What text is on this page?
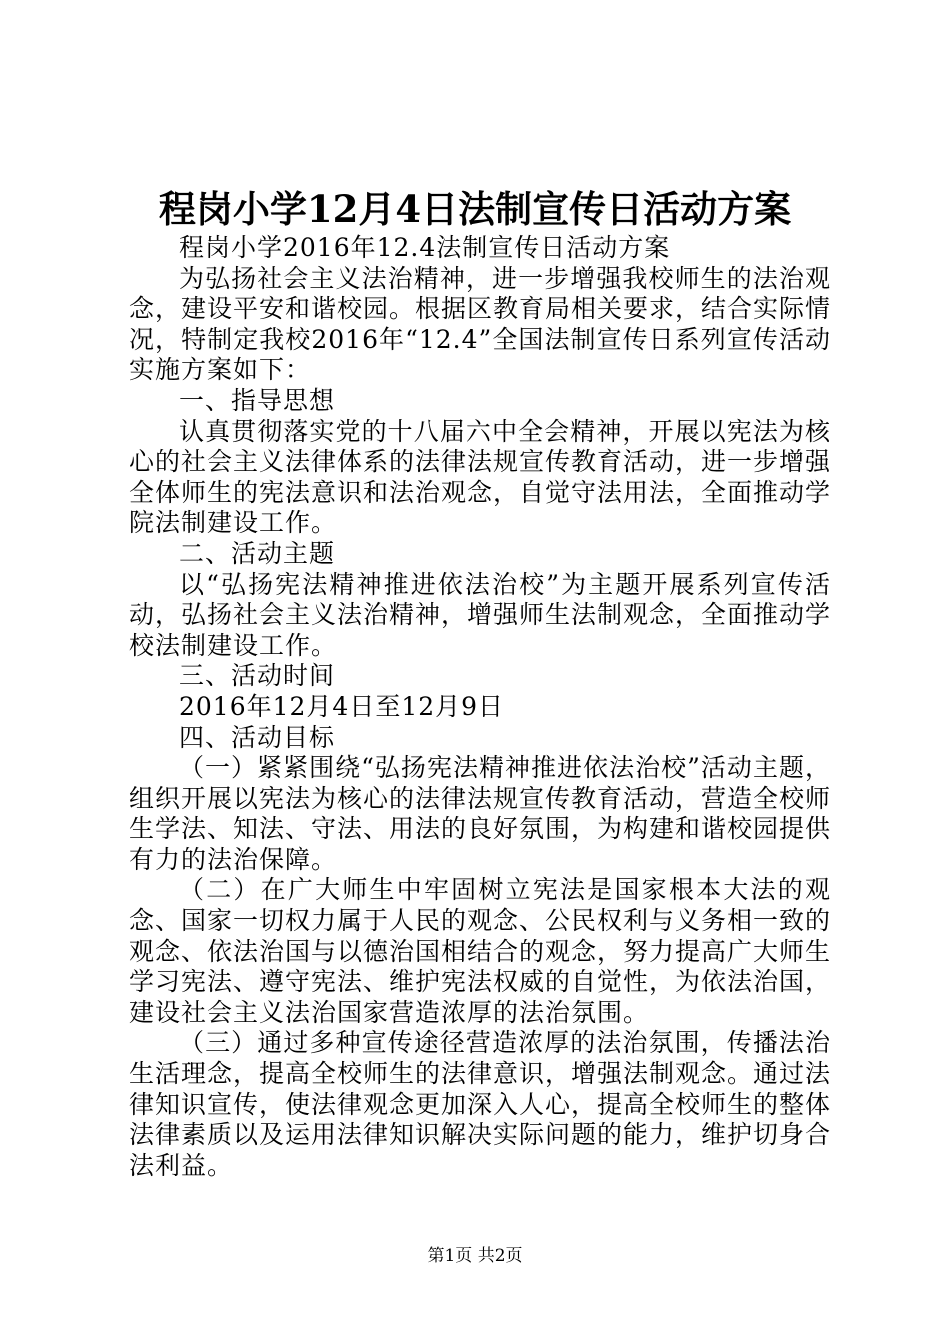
程岗小学12月4日法制宣传日活动方案

程岗小学2016年12.4法制宣传日活动方案

为弘扬社会主义法治精神，进一步增强我校师生的法治观念，建设平安和谐校园。根据区教育局相关要求，结合实际情况，特制定我校2016年“12.4”全国法制宣传日系列宣传活动实施方案如下：

一、指导思想

认真贯彻落实党的十八届六中全会精神，开展以宪法为核心的社会主义法律体系的法律法规宣传教育活动，进一步增强全体师生的宪法意识和法治观念，自觉守法用法，全面推动学院法制建设工作。

二、活动主题

以“弘扬宪法精神推进依法治校”为主题开展系列宣传活动，弘扬社会主义法治精神，增强师生法制观念，全面推动学校法制建设工作。

三、活动时间

2016年12月4日至12月9日

四、活动目标

（一）紧紧围绕“弘扬宪法精神推进依法治校”活动主题，组织开展以宪法为核心的法律法规宣传教育活动，营造全校师生学法、知法、守法、用法的良好氛围，为构建和谐校园提供有力的法治保障。

（二）在广大师生中牢固树立宪法是国家根本大法的观念、国家一切权力属于人民的观念、公民权利与义务相一致的观念、依法治国与以德治国相结合的观念，努力提高广大师生学习宪法、遵守宪法、维护宪法权威的自觉性，为依法治国，建设社会主义法治国家营造浓厚的法治氛围。

（三）通过多种宣传途径营造浓厚的法治氛围，传播法治生活理念，提高全校师生的法律意识，增强法制观念。通过法律知识宣传，使法律观念更加深入人心，提高全校师生的整体法律素质以及运用法律知识解决实际问题的能力，维护切身合法利益。

第1页 共2页
